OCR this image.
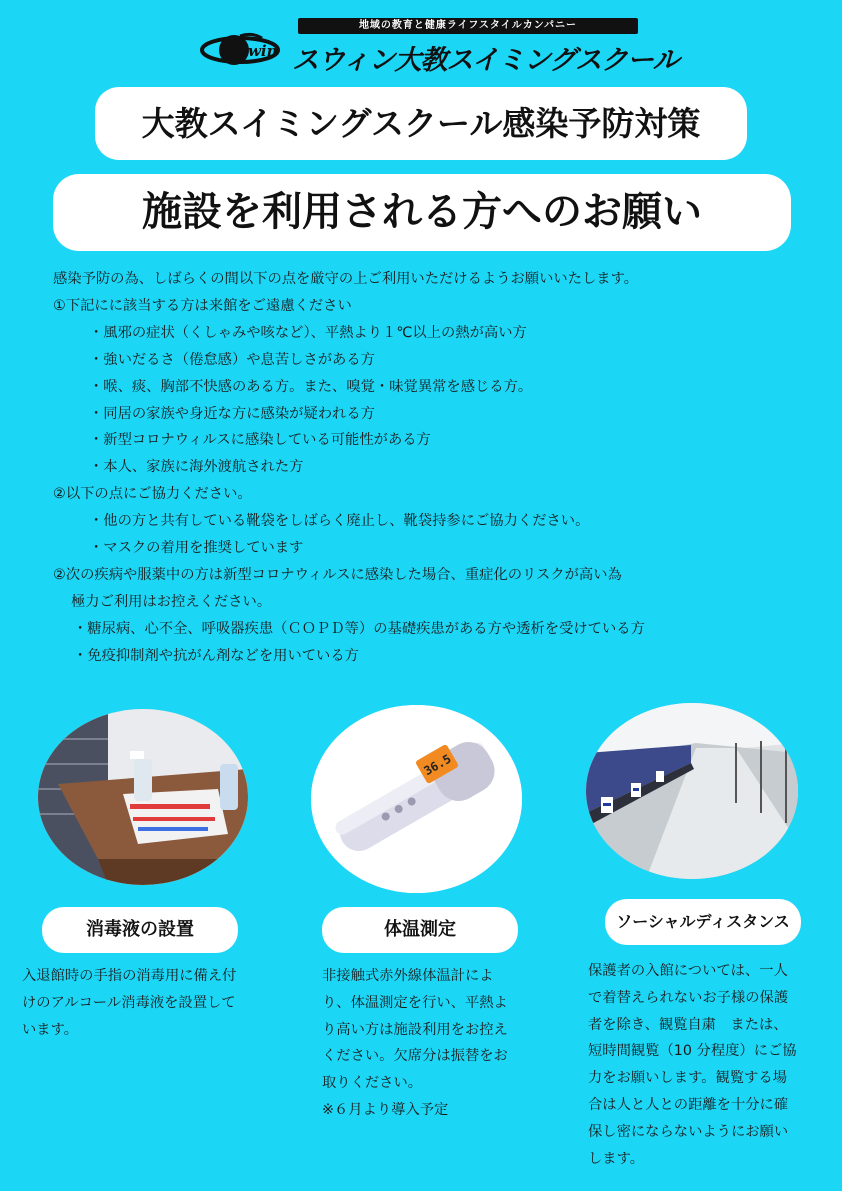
地域の教育と健康ライフスタイルカンパニー
win スウィン大教スイミングスクール
大教スイミングスクール感染予防対策
施設を利用される方へのお願い
感染予防の為、しばらくの間以下の点を厳守の上ご利用いただけるようお願いいたします。
①下記にに該当する方は来館をご遠慮ください
・風邪の症状（くしゃみや咳など）、平熱より１℃以上の熱が高い方
・強いだるさ（倦怠感）や息苦しさがある方
・喉、痰、胸部不快感のある方。また、嗅覚・味覚異常を感じる方。
・同居の家族や身近な方に感染が疑われる方
・新型コロナウィルスに感染している可能性がある方
・本人、家族に海外渡航された方
②以下の点にご協力ください。
・他の方と共有している靴袋をしばらく廃止し、靴袋持参にご協力ください。
・マスクの着用を推奨しています
②次の疾病や服薬中の方は新型コロナウィルスに感染した場合、重症化のリスクが高い為
極力ご利用はお控えください。
・糖尿病、心不全、呼吸器疾患（ＣＯＰＤ等）の基礎疾患がある方や透析を受けている方
・免疫抑制剤や抗がん剤などを用いている方
36.5
消毒液の設置	体温測定	ソーシャルディスタンス
入退館時の手指の消毒用に備え付
けのアルコール消毒液を設置して
います。
非接触式赤外線体温計によ
り、体温測定を行い、平熱よ
り高い方は施設利用をお控え
ください。欠席分は振替をお
取りください。
※６月より導入予定
保護者の入館については、一人
で着替えられないお子様の保護
者を除き、観覧自粛　または、
短時間観覧（10 分程度）にご協
力をお願いします。観覧する場
合は人と人との距離を十分に確
保し密にならないようにお願い
します。
